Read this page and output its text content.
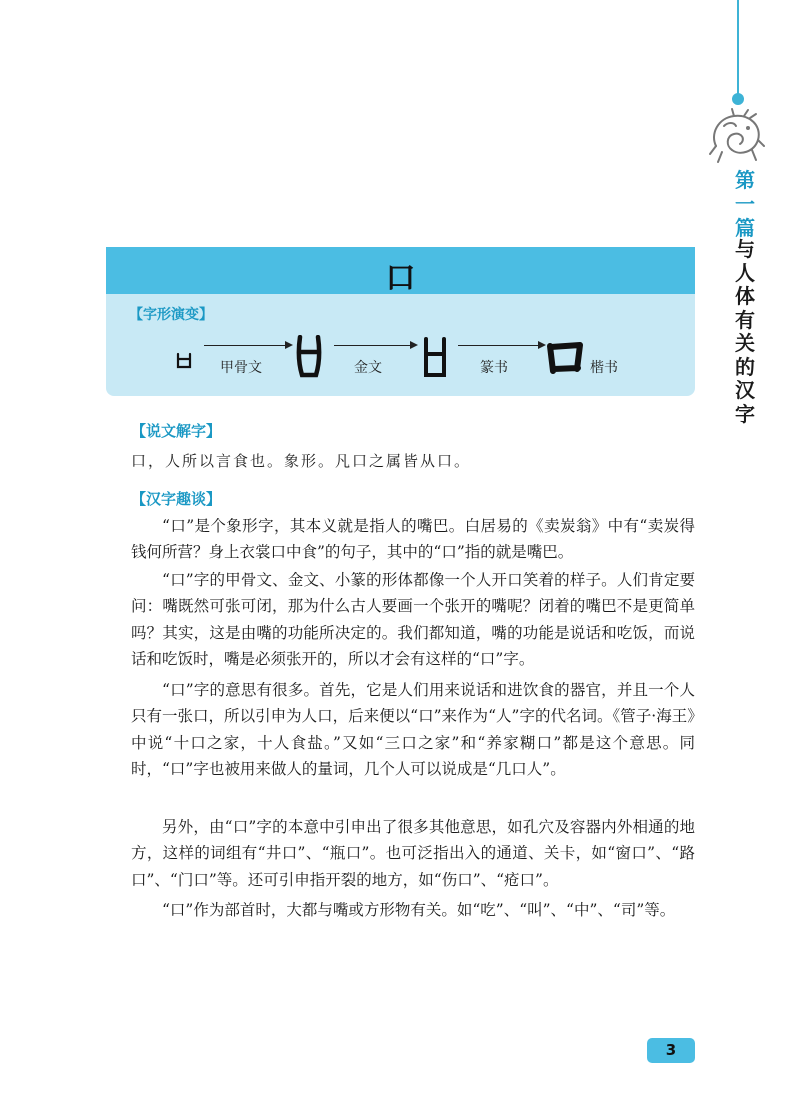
第
一
篇
与
人
体
有
关
的
汉
字
口
【字形演变】
甲骨文	金文	篆书	楷书
【说文解字】
口，人所以言食也。象形。凡口之属皆从口。
【汉字趣谈】

“口”是个象形字，其本义就是指人的嘴巴。白居易的《卖炭翁》中有“卖炭得钱何所营？身上衣裳口中食”的句子，其中的“口”指的就是嘴巴。

“口”字的甲骨文、金文、小篆的形体都像一个人开口笑着的样子。人们肯定要问：嘴既然可张可闭，那为什么古人要画一个张开的嘴呢？闭着的嘴巴不是更简单吗？其实，这是由嘴的功能所决定的。我们都知道，嘴的功能是说话和吃饭，而说话和吃饭时，嘴是必须张开的，所以才会有这样的“口”字。

“口”字的意思有很多。首先，它是人们用来说话和进饮食的器官，并且一个人只有一张口，所以引申为人口，后来便以“口”来作为“人”字的代名词。《管子·海王》中说“十口之家，十人食盐。”又如“三口之家”和“养家糊口”都是这个意思。同时，“口”字也被用来做人的量词，几个人可以说成是“几口人”。

另外，由“口”字的本意中引申出了很多其他意思，如孔穴及容器内外相通的地方，这样的词组有“井口”、“瓶口”。也可泛指出入的通道、关卡，如“窗口”、“路口”、“门口”等。还可引申指开裂的地方，如“伤口”、“疮口”。

“口”作为部首时，大都与嘴或方形物有关。如“吃”、“叫”、“中”、“司”等。

3
